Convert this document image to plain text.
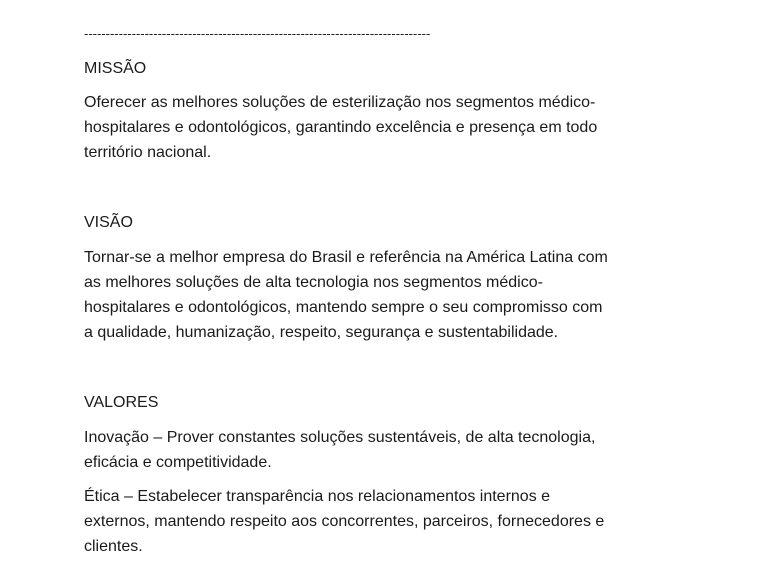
--------------------------------------------------------------------------------
MISSÃO
Oferecer as melhores soluções de esterilização nos segmentos médico-
hospitalares e odontológicos, garantindo excelência e presença em todo
território nacional.
VISÃO
Tornar-se a melhor empresa do Brasil e referência na América Latina com
as melhores soluções de alta tecnologia nos segmentos médico-
hospitalares e odontológicos, mantendo sempre o seu compromisso com
a qualidade, humanização, respeito, segurança e sustentabilidade.
VALORES
Inovação – Prover constantes soluções sustentáveis, de alta tecnologia,
eficácia e competitividade.
Ética – Estabelecer transparência nos relacionamentos internos e
externos, mantendo respeito aos concorrentes, parceiros, fornecedores e
clientes.
